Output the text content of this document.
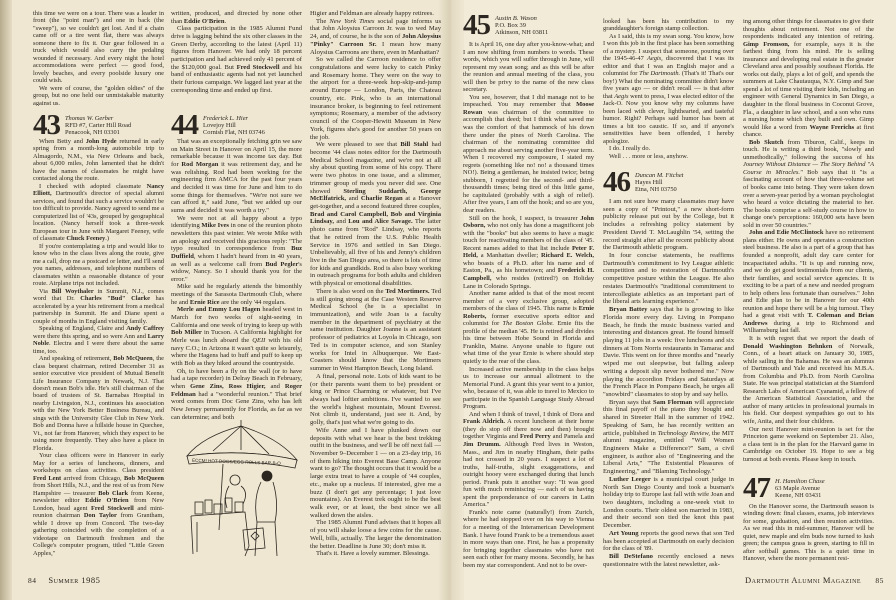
this time we were on a tour. There was a leader in front (the "point man") and one in back (the "sweep"), so we couldn't get lost. And if a chain came off or a tire went flat, there was always someone there to fix it. Our gear followed in a truck which would also carry the pedaling wounded if necessary. And every night the hotel accommodations were perfect — good food, lovely beaches, and every poolside luxury one could wish.

We were of course, the "golden oldies" of the group, but no one held our unmistakable maturity against us.

When Betty and John Hyde returned in early spring from a month-long automobile trip to Almagordo, N.M., via New Orleans and back, about 6,000 miles, John lamented that he didn't have the names of classmates he might have contacted along the route.

I checked with adopted classmate Nancy Elliott, Dartmouth's director of special alumni services, and found that such a service wouldn't be too difficult to provide. Nancy agreed to send me a computerized list of '43s, grouped by geographical location. (Nancy herself took a three-week European tour in June with Margaret Feeney, wife of classmate Chuck Feeney.)

If you're contemplating a trip and would like to know who in the class lives along the route, give me a call, drop me a postcard or letter, and I'll send you names, addresses, and telephone numbers of classmates within a reasonable distance of your route. Airplane trips not included.

Via Bill Woythaler in Summit, N.J., comes word that Dr. Charles "Bud" Clarke has accelerated by a year his retirement from a medical partnership in Summit. He and Diane spent a couple of months in England visiting family.

Speaking of England, Claire and Andy Caffrey were there this spring, and so were Ann and Larry Noble. Electra and I were there about the same time, too.

And speaking of retirement, Bob McQueen, the class bequest chairman, retired December 31 as senior executive vice president of Mutual Benefit Life Insurance Company in Newark, N.J. That doesn't mean Bob's idle. He's still chairman of the board of trustees of St. Barnabas Hospital in nearby Livingston, N.J., continues his association with the New York Better Business Bureau, and sings with the University Glee Club in New York. Bob and Donna have a hillside house in Quechee, Vt., not far from Hanover, which they expect to be using more frequently. They also have a place in Florida.

Your class officers were in Hanover in early May for a series of luncheons, dinners, and workshops on class activities. Class president Fred Lent arrived from Chicago, Bob McQueen from Short Hills, N.J., and the rest of us from New Hampshire — treasurer Bob Clark from Keene, newsletter editor Eddie O'Brien from New London, head agent Fred Stockwell and mini-reunion chairman Don Taylor from Grantham, while I drove up from Concord. The two-day gathering coincided with the completion of a videotape on Dartmouth freshmen and the College's computer program, titled "Little Green Apples,"

written, produced, and directed by none other than Eddie O'Brien.

Class participation in the 1985 Alumni Fund drive is lagging behind the six other classes in the Green Derby, according to the latest (April 11) figures from Hanover. We had only 18 percent participation and had achieved only 41 percent of the $120,000 goal. But Fred Stockwell and his band of enthusiastic agents had not yet launched their furious campaign. We lagged last year at the corresponding time and ended up first.

That was an exceptionally fetching grin we saw on Main Street in Hanover on April 15, the more remarkable because it was income tax day. But for Rod Morgan it was retirement day, and he was relishing. Rod had been working for the engineering firm AMCA for the past four years and decided it was time for June and him to do some things for themselves. "We're not sure we can afford it," said June, "but we added up our sums and decided it was worth a try."

We were not at all happy about a typo identifying Mike Ives in one of the reunion photo newsletters this past winter. We wrote Mike with an apology and received this gracious reply: "The typo resulted in correspondence from Buz Duffield, whom I hadn't heard from in 40 years, as well as a welcome call from Bud Pegler's widow, Nancy. So I should thank you for the error."

Mike said he regularly attends the bimonthly meetings of the Sarasota Dartmouth Club, where he and Ernie Rice are the only '44 regulars.

Merle and Emmy Lou Hagen headed west in March for two weeks of sight-seeing in California and one week of trying to keep up with Bob Miller in Tucson. A California highlight for Merle was lunch aboard the QEII with his old navy C.O.; in Arizona it wasn't quite so leisurely, where the Hagens had to huff and puff to keep up with Bob as they hiked around the countryside.

Oh, to have been a fly on the wall (or to have had a tape recorder) in Delray Beach in February, when Gene Zins, Ross Higier, and Roger Feldman had a "wonderful reunion." That brief word comes from Doc Gene Zins, who has left New Jersey permanently for Florida, as far as we can determine; and both

Higier and Feldman are already happy retirees.

The New York Times social page informs us that John Aloysius Carroon Jr. was to wed May 24, and, of course, he is the son of John Aloysius "Pinky" Carroon Sr. I mean how many Aloysius Carroons are there, even in Manhattan?

So we called the Carroon residence to offer congratulations and were lucky to catch Pinky and Rosemary home. They were on the way to the airport for a three-week hop-skip-and-jump around Europe — London, Paris, the Chateau country, etc. Pink, who is an international insurance broker, is beginning to feel retirement symptoms; Rosemary, a member of the advisory council of the Cooper-Hewitt Museum in New York, figures she's good for another 50 years on the job.

We were pleased to see that Bill Stahl had become '44 class notes editor for the Dartmouth Medical School magazine, and we're not at all shy about quoting from some of his copy. There were two photos in one issue, and a slimmer, trimmer group of meds you never did see. One showed Sterling Suddarth, George McElfatrick, and Charlie Regan at a Hanover get-together, and a second featured three couples, Brad and Carol Campbell, Bob and Virginia Lindsay, and Lou and Alice Savage. The latter photo came from "Rod" Lindsay, who reports that he retired from the U.S. Public Health Service in 1976 and settled in San Diego. Unbelievably, all five of his and Jenny's children live in the San Diego area, so there is lots of time for kids and grandkids. Rod is also busy working in outreach programs for both adults and children with physical or emotional disabilities.

There is also word on the Ted Mortimers. Ted is still going strong at the Case Western Reserve Medical School (he is a specialist in immunization), and wife Joan is a faculty member in the department of psychiatry at the same institution. Daughter Joanne is an assistant professor of pediatrics at Loyola in Chicago, son Ted is in computer science, and son Stanley works for Intel in Albuquerque. We East-Coasters should know that the Mortimers summer in West Hampton Beach, Long Island.

A final, personal note. Lots of kids want to be (or their parents want them to be) president or king or Prince Charming or whatever, but I've always had loftier ambitions. I've wanted to see the world's highest mountain, Mount Everest. Not climb it, understand, just see it. And, by golly, that's just what we're going to do.

Wife Anne and I have plunked down our deposits with what we hear is the best trekking outfit in the business, and we'll be off next fall — November 9–December 1 — on a 23-day trip, 16 of them hiking into Everest Base Camp. Anyone want to go? The thought occurs that it would be a large extra treat to have a couple of '44 couples, etc., make up a nucleus. If interested, give me a buzz (I don't get any percentage; I just love mountains). An Everest trek ought to be the best walk ever, or at least, the best since we all walked down the aisles.

The 1985 Alumni Fund advises that it hopes all of you will shake loose a few coins for the cause. Well, bills, actually. The larger the denomination the better. Deadline is June 30; don't miss it.

That's it. Have a lovely summer. Blessings.

It is April 16, one day after you-know-what; and I am now shifting from numbers to words. These words, which you will suffer through in June, will represent my swan song; and as this will be after the reunion and annual meeting of the class, you will then be privy to the name of the new class secretary.

You see, however, that I did manage not to be impeached. You may remember that Moose Rowan was chairman of the committee to accomplish that deed; but I think what saved me was the comfort of that hammock of his down there under the pines of North Carolina. The chairman of the nominating committee did approach me about serving another five-year term. When I recovered my composure, I stated my regrets (something like no! no! a thousand times NO!). Being a gentleman, he insisted twice; being stubborn, I regretted for the second- and third-thousandth times; being tired of this little game, he capitulated (probably with a sigh of relief). After five years, I am off the hook; and so are you, dear readers.

Still on the hook, I suspect, is treasurer John Osborn, who not only has done a magnificent job with the "books" but also seems to have a magic touch for reactivating members of the class of '45. Recent names added to that list include Peter F. Held, a Manhattan dweller; Richard E. Welch, who boasts of a Ph.D. after his name and of Easton, Pa., as his hometown; and Frederick H. Campbell, who resides (retired?) on Holiday Lane in Colorado Springs.

Another name added is that of the most recent member of a very exclusive group, adopted members of the class of 1945. This name is Ernie Roberts, former executive sports editor and columnist for The Boston Globe. Ernie fits the profile of the median '45. He is retired and divides his time between Hobe Sound in Florida and Franklin, Maine. Anyone unable to figure out what time of the year Ernie is where should step quietly to the rear of the class.

Increased active membership in the class helps us to increase our annual allotment to the Memorial Fund. A grant this year went to a junior, who, because of it, was able to travel to Mexico to participate in the Spanish Language Study Abroad Program.

And when I think of travel, I think of Dora and Frank Aldrich. A recent luncheon at their home (they do stop off there now and then) brought together Virginia and Fred Perry and Pamela and Jim Drumm. Although Fred lives in Weston, Mass., and Jim in nearby Hingham, their paths had not crossed in 20 years. I suspect a lot of truths, half-truths, slight exaggerations, and outright hooey were exchanged during that lunch period. Frank puts it another way: "It was good fun with much reminiscing — each of us having spent the preponderance of our careers in Latin America."

Frank's note came (naturally!) from Zurich, where he had stopped over on his way to Vienna for a meeting of the Interamerican Development Bank. I have found Frank to be a tremendous asset in more ways than one. First, he has a propensity for bringing together classmates who have not seen each other for many moons. Secondly, he has been my star correspondent. And not to be over-

looked has been his contribution to my granddaughter's foreign stamp collection.

As I said, this is my swan song. You know, how I won this job in the first place has been something of a mystery. I suspect that someone, pouring over the 1945-46-47 Aegis, discovered that I was its editor and that I was an English major and a columnist for The Dartmouth. (That's it! That's our boy!) What the nominating committee didn't know five years ago — or didn't recall — is that after that Aegis went to press, I was elected editor of the Jack-O. Now you know why my columns have been laced with clever, lighthearted, and tasteful humor. Right? Perhaps said humor has been at times a bit too caustic. If so, and if anyone's sensitivities have been offended, I hereby apologize.

I do. I really do.

Well . . . more or less, anyhow.

I am not sure how many classmates may have seen a copy of "Printout," a new short-form publicity release put out by the College, but it includes a refreshing policy statement by President David T. McLaughlin '54, setting the record straight after all the recent publicity about the Dartmouth athletic program.

In four concise statements, he reaffirms Dartmouth's commitment to Ivy League athletic competition and to restoration of Dartmouth's competitive posture within the League. He also restates Dartmouth's "traditional commitment to intercollegiate athletics as an important part of the liberal arts learning experience."

Bryan Battey says that he is growing to like Florida more every day. Living in Pompano Beach, he finds the music business varied and interesting and distances great. He found himself playing 11 jobs in a week: five luncheons and six dinners at Tom Norris restaurants in Tamarac and Davie. This went on for three months and "nearly wiped me out sleepwise, but falling asleep writing a deposit slip never bothered me." Now playing the accordion Fridays and Saturdays at the French Place in Pompano Beach, he urges all "snowbird" classmates to stop by and say hello.

Bryan says that Sam Florman will appreciate this final payoff of the piano they bought and shared in Streeter Hall in the summer of 1942. Speaking of Sam, he has recently written an article, published in Technology Review, the MIT alumni magazine, entitled "Will Women Engineers Make a Difference?" Sam, a civil engineer, is author also of "Engineering and the Liberal Arts," "The Existential Pleasures of Engineering," and "Blaming Technology."

Luther Leeger is a municipal court judge in North San Diego County and took a busman's holiday trip to Europe last fall with wife Joan and two daughters, including a one-week visit to London courts. Their oldest son married in 1983, and their second son tied the knot this past December.

Art Young reports the good news that son Ted has been accepted at Dartmouth on early decision for the class of '89.

Bill DeStefano recently enclosed a news questionnaire with the latest newsletter, ask-

ing among other things for classmates to give their thoughts about retirement. Not one of the respondents indicated any intention of retiring. Gimp Fromson, for example, says it is the farthest thing from his mind. He is selling insurance and developing real estate in the greater Cleveland area and possibly southeast Florida. He works out daily, plays a lot of golf, and spends the summers at Lake Chautauqua, N.Y. Gimp and Sue spend a lot of time visiting their kids, including an engineer with General Dynamics in San Diego, a daughter in the floral business in Coconut Grove, Fla., a daughter in law school, and a son who runs a nursing home which they built and own. Gimp would like a word from Wayne Frerichs at first chance.

Bob Skutch from Tiburon, Calif., keeps in touch. He is writing a third book, "slowly and unmethodically," following the success of his Journey Without Distance — The Story Behind "A Course in Miracles." Bob says that it "is a fascinating account of how that three-volume set of books came into being. They were taken down over a seven-year period by a woman psychologist who heard a voice dictating the material to her. The books comprise a self-study course in how to change one's perceptions: 160,000 sets have been sold in over 50 countries."

John and Edie McClintock have no retirement plans either. He owns and operates a construction steel business. He also is a part of a group that has founded a nonprofit, adult day care center for incapacitated adults. "It is up and running now, and we do get good testimonials from our clients, their families, and social service agencies. It is exciting to be a part of a new and needed program to help others less fortunate than ourselves." John and Edie plan to be in Hanover for our 40th reunion and hope there will be a big turnout. They had a great visit with T. Coleman and Brian Andrews during a trip to Richmond and Williamsburg last fall.

It is with regret that we report the death of Donald Washington Behnken of Norwalk, Conn., of a heart attack on January 30, 1985, while sailing in the Bahamas. He was an alumnus of Dartmouth and Yale and received his M.B.A. from Columbia and Ph.D. from North Carolina State. He was principal statistician at the Stamford Research Labs of American Cyanamid, a fellow of the American Statistical Association, and the author of many articles in professional journals in his field. Our deepest sympathies go out to his wife, Anita, and their four children.

Our next Hanover mini-reunion is set for the Princeton game weekend on September 21. Also, a class tent is in the plan for the Harvard game in Cambridge on October 19. Hope to see a big turnout at both events. Please keep in touch.

On the Hanover scene, the Dartmouth season is winding down: final classes, exams, job interviews for some, graduation, and then reunion activities. As we read this in mid-summer, Hanover will be quiet, new maple and elm buds now turned to lush green; the campus grass is green, starting to fill in after softball games. This is a quiet time in Hanover, where the more permanent resi-

43 Thomas W. Gerber
RFD #7, Carter Hill Road
Penacook, NH 03301	44 Frederick L. Hier
Lovejoy Hill
Cornish Flat, NH 03746
45 Austin B. Wason
P.O. Box 39
Atkinson, NH 03811
46 Duncan M. Fitchet
Hayes Hill
Etna, NH 03750
47 H. Hamilton Chase
63 Maple Avenue
Keene, NH 03431
ECCM! HOT DOGS/EGG ROLLS BAR-B-Q
84 Summer 1985	Dartmouth Alumni Magazine 85
